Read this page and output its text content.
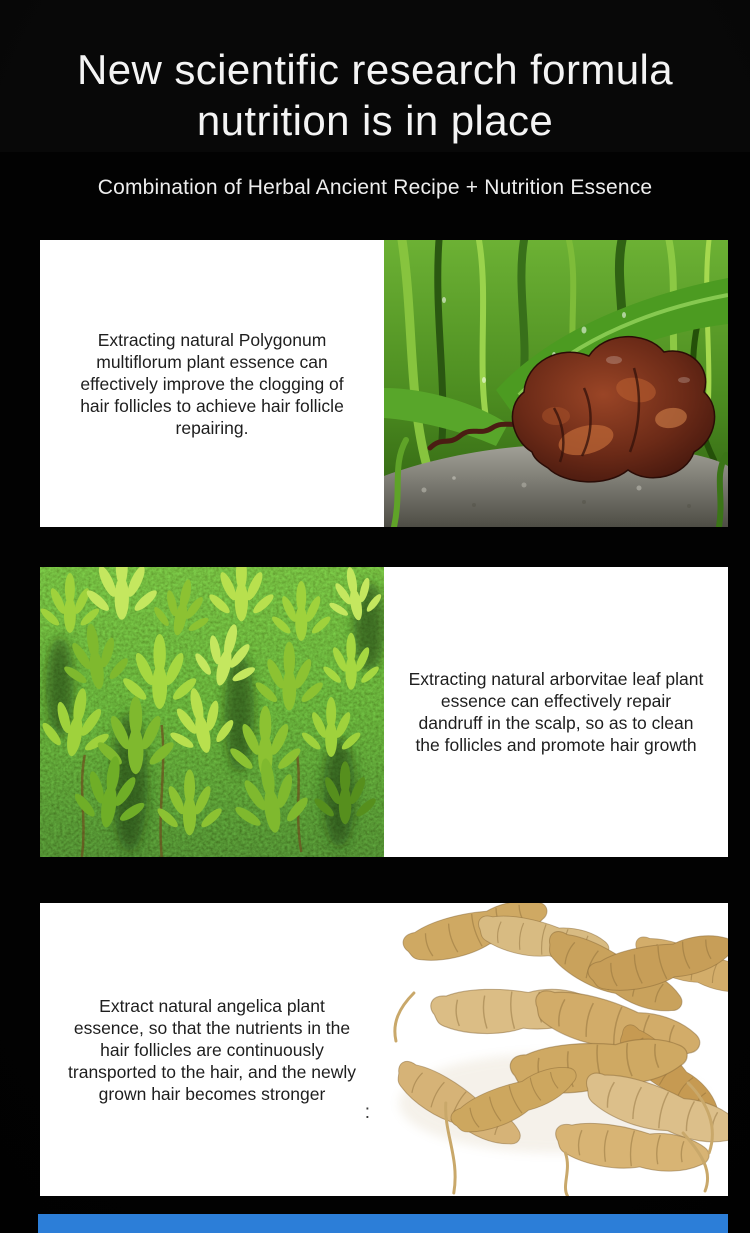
New scientific research formula
nutrition is in place
Combination of Herbal Ancient Recipe + Nutrition Essence

Extracting natural Polygonum multiflorum plant essence can effectively improve the clogging of hair follicles to achieve hair follicle repairing.

Extracting natural arborvitae leaf plant essence can effectively repair dandruff in the scalp, so as to clean the follicles and promote hair growth

Extract natural angelica plant essence, so that the nutrients in the hair follicles are continuously transported to the hair, and the newly grown hair becomes stronger

:
